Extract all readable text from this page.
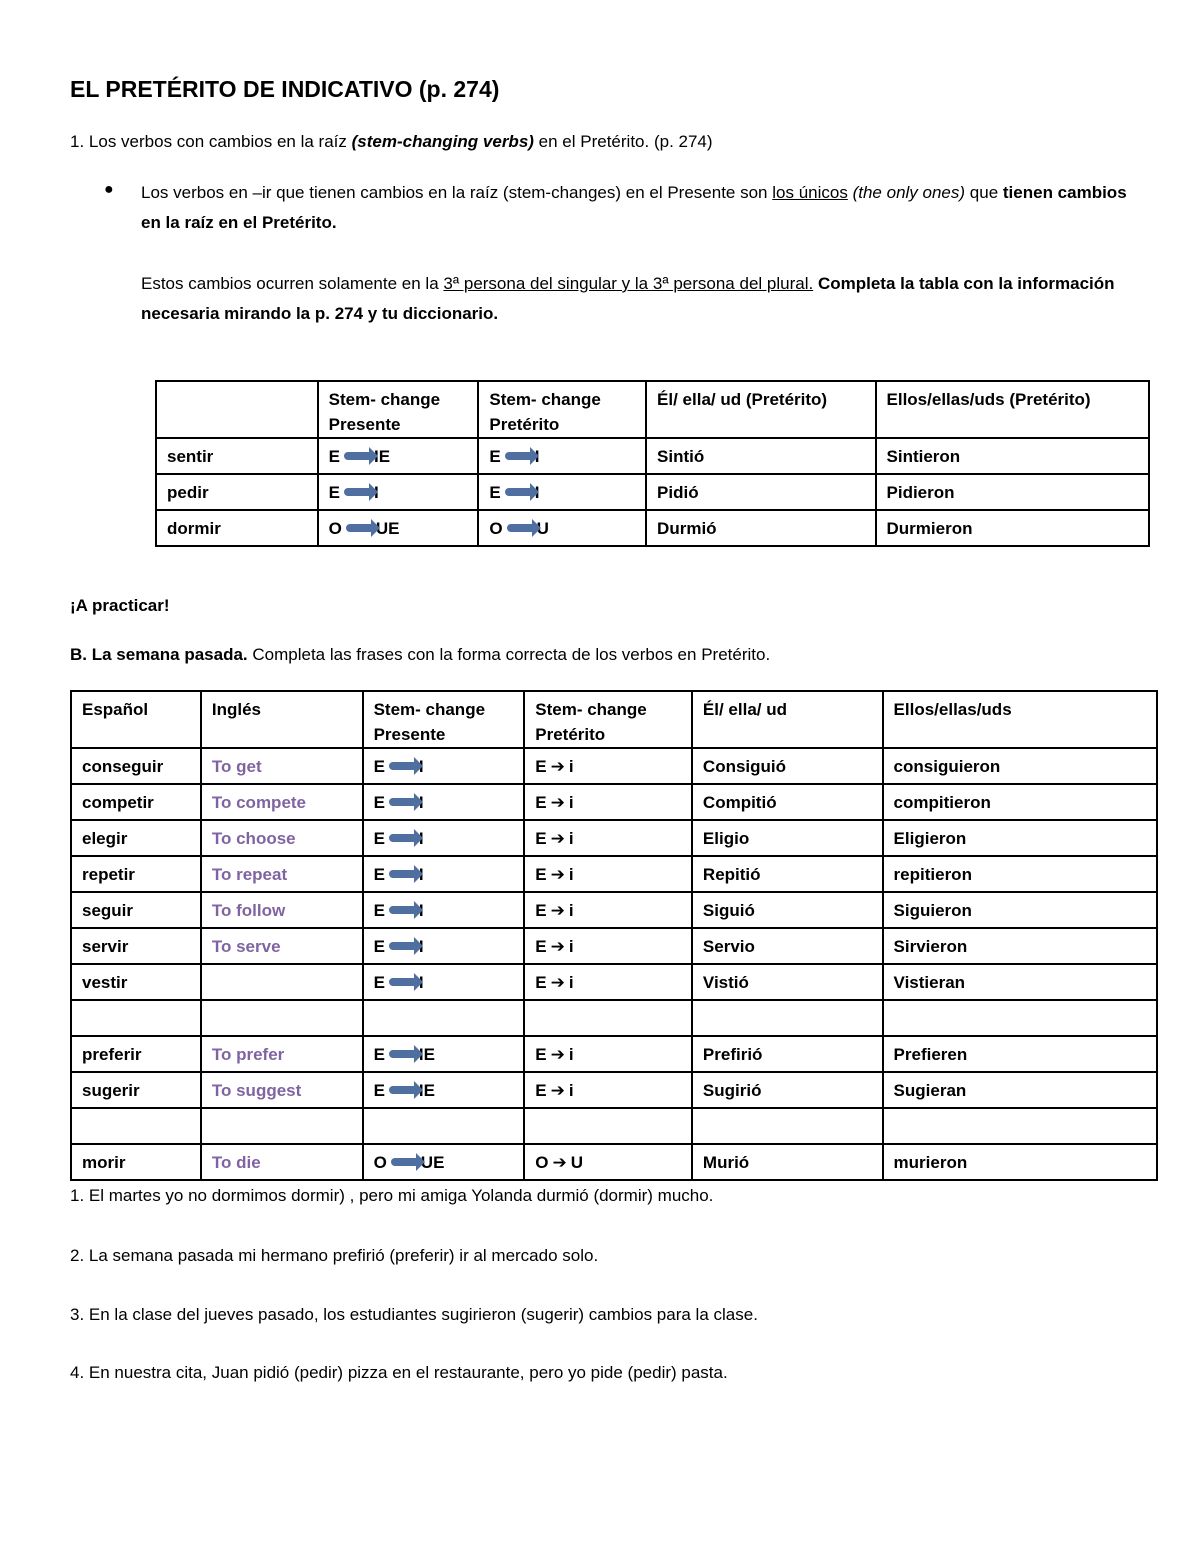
EL PRETÉRITO DE INDICATIVO (p. 274)
1. Los verbos con cambios en la raíz (stem-changing verbs) en el Pretérito. (p. 274)
● Los verbos en –ir que tienen cambios en la raíz (stem-changes) en el Presente son los únicos (the only ones) que tienen cambios en la raíz en el Pretérito.
Estos cambios ocurren solamente en la 3ª persona del singular y la 3ª persona del plural. Completa la tabla con la información necesaria mirando la p. 274 y tu diccionario.
	Stem- change Presente	Stem- change Pretérito	Él/ ella/ ud (Pretérito)	Ellos/ellas/uds (Pretérito)
sentir	E IE	E	Sintió	Sintieron
pedir	E	E	Pidió	Pidieron
dormir	O UE	O U	Durmió	Durmieron
¡A practicar!
B. La semana pasada. Completa las frases con la forma correcta de los verbos en Pretérito.
Español	Inglés	Stem- change Presente	Stem- change Pretérito	Él/ ella/ ud	Ellos/ellas/uds
conseguir	To get	E	E ➔ i	Consiguió	consiguieron
competir	To compete	E	E ➔ i	Compitió	compitieron
elegir	To choose	E	E ➔ i	Eligio	Eligieron
repetir	To repeat	E	E ➔ i	Repitió	repitieron
seguir	To follow	E	E ➔ i	Siguió	Siguieron
servir	To serve	E	E ➔ i	Servio	Sirvieron
vestir		E	E ➔ i	Vistió	Vistieran

preferir	To prefer	E IE	E ➔ i	Prefirió	Prefieren
sugerir	To suggest	E IE	E ➔ i	Sugirió	Sugieran

morir	To die	O UE	O ➔ U	Murió	murieron
1. El martes yo no dormimos dormir) , pero mi amiga Yolanda durmió (dormir) mucho.
2. La semana pasada mi hermano prefirió (preferir) ir al mercado solo.
3. En la clase del jueves pasado, los estudiantes sugirieron (sugerir) cambios para la clase.
4. En nuestra cita, Juan pidió (pedir) pizza en el restaurante, pero yo pide (pedir) pasta.
